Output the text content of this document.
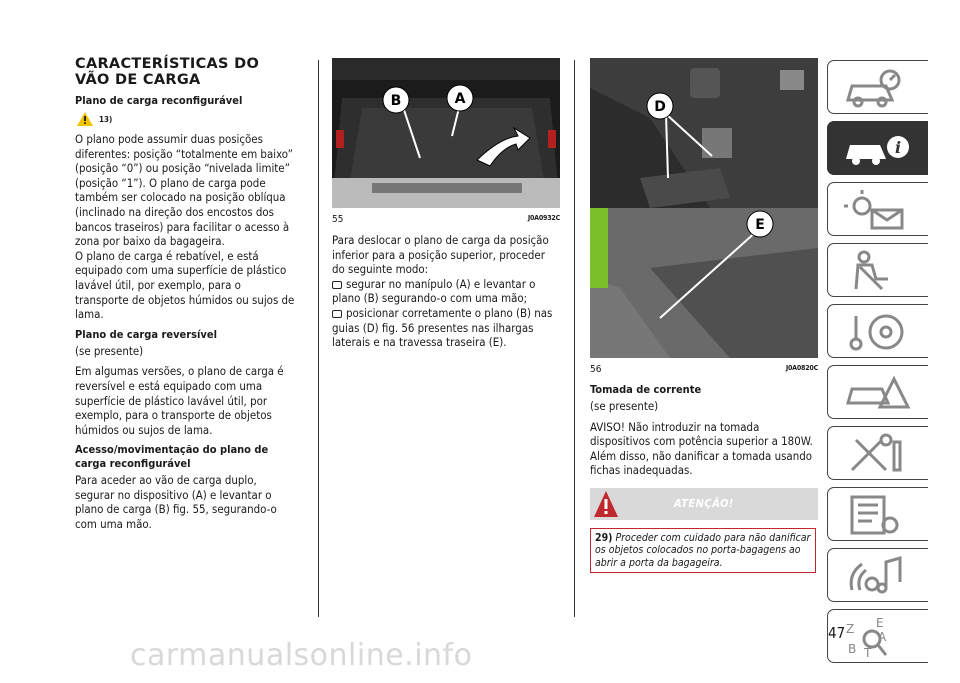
CARACTERÍSTICAS DO VÃO DE CARGA
Plano de carga reconfigurável
13)

O plano pode assumir duas posições diferentes: posição “totalmente em baixo” (posição “0”) ou posição “nivelada limite” (posição “1”). O plano de carga pode também ser colocado na posição oblíqua (inclinado na direção dos encostos dos bancos traseiros) para facilitar o acesso à zona por baixo da bagageira.

O plano de carga é rebatível, e está equipado com uma superfície de plástico lavável útil, por exemplo, para o transporte de objetos húmidos ou sujos de lama.

Plano de carga reversível

(se presente)

Em algumas versões, o plano de carga é reversível e está equipado com uma superfície de plástico lavável útil, por exemplo, para o transporte de objetos húmidos ou sujos de lama.

Acesso/movimentação do plano de carga reconfigurável

Para aceder ao vão de carga duplo, segurar no dispositivo (A) e levantar o plano de carga (B) fig. 55, segurando-o com uma mão.

B	A
55	J0A0932C

Para deslocar o plano de carga da posição inferior para a posição superior, proceder do seguinte modo:

segurar no manípulo (A) e levantar o plano (B) segurando-o com uma mão;

posicionar corretamente o plano (B) nas guias (D) fig. 56 presentes nas ilhargas laterais e na travessa traseira (E).

D
E
56	J0A0820C
Tomada de corrente

(se presente)

AVISO! Não introduzir na tomada dispositivos com potência superior a 180W. Além disso, não danificar a tomada usando fichas inadequadas.

ATENÇÃO!

29) Proceder com cuidado para não danificar os objetos colocados no porta-bagagens ao abrir a porta da bagageira.

i
Z E
B
A
T
47
carmanualsonline.info
